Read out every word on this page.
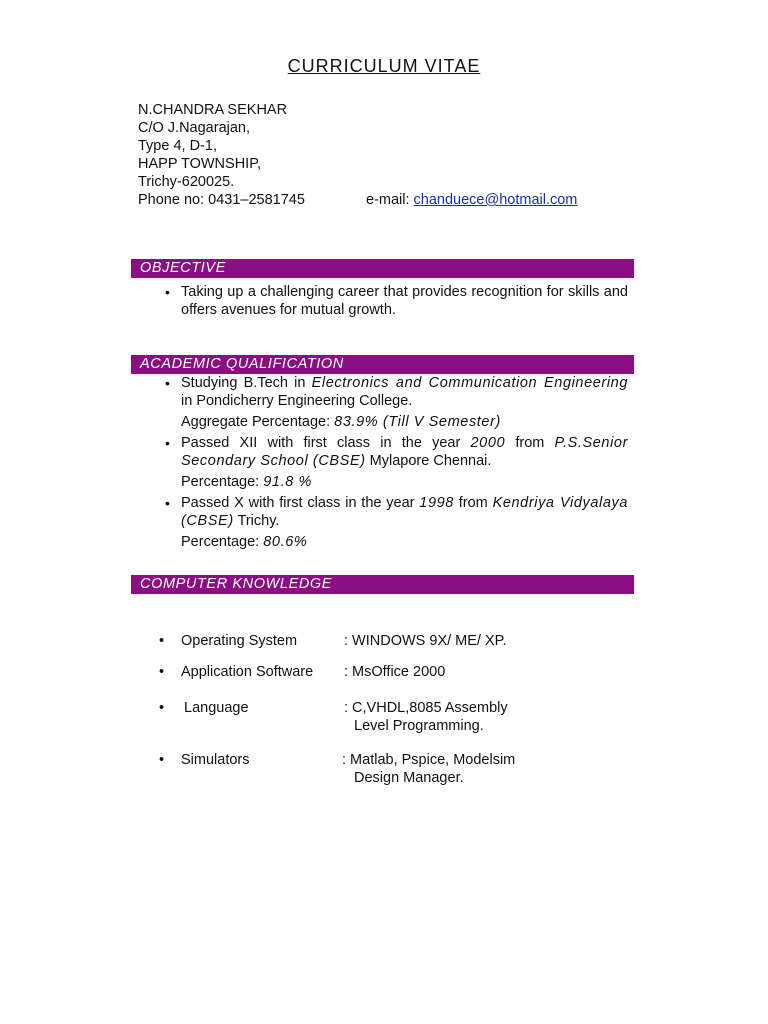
CURRICULUM VITAE
N.CHANDRA SEKHAR
C/O J.Nagarajan,
Type 4, D-1,
HAPP TOWNSHIP,
Trichy-620025.
Phone no: 0431–2581745	e-mail: chanduece@hotmail.com
OBJECTIVE
• Taking up a challenging career that provides recognition for skills and offers avenues for mutual growth.
ACADEMIC QUALIFICATION
• Studying B.Tech in Electronics and Communication Engineering in Pondicherry Engineering College.
Aggregate Percentage: 83.9% (Till V Semester)
• Passed XII with first class in the year 2000 from P.S.Senior Secondary School (CBSE) Mylapore Chennai.
Percentage: 91.8 %
• Passed X with first class in the year 1998 from Kendriya Vidyalaya (CBSE) Trichy.
Percentage: 80.6%
COMPUTER KNOWLEDGE
• Operating System	: WINDOWS 9X/ ME/ XP.
• Application Software : MsOffice 2000
• Language	: C,VHDL,8085 Assembly
Level Programming.
• Simulators	: Matlab, Pspice, Modelsim
Design Manager.
